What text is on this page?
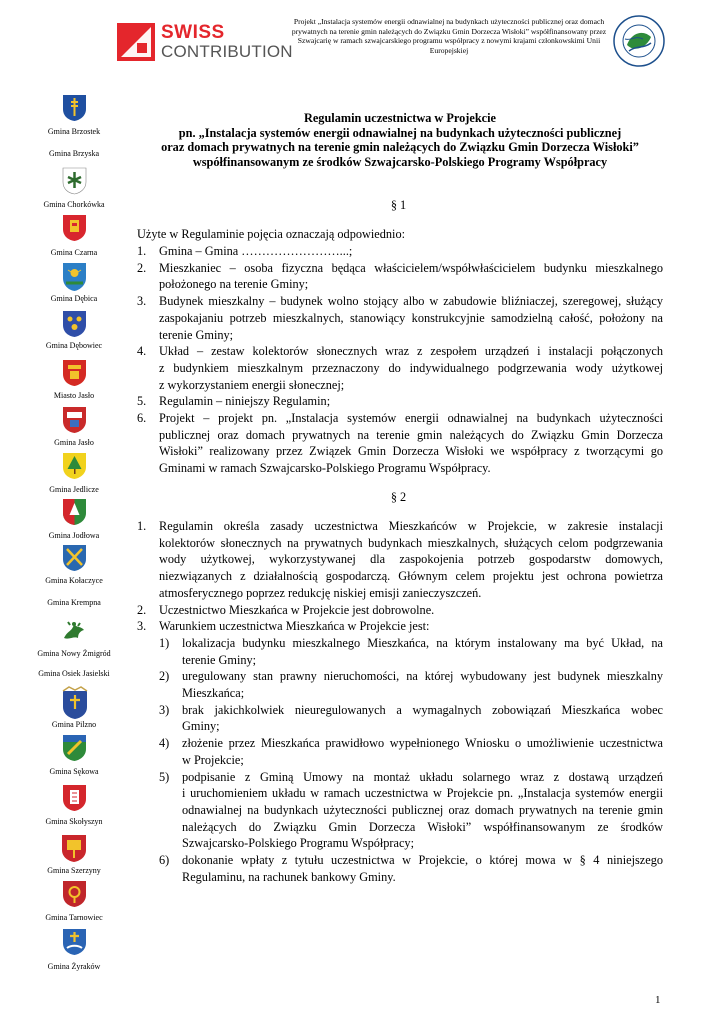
SWISS
CONTRIBUTION
Projekt „Instalacja systemów energii odnawialnej na budynkach użyteczności publicznej oraz domach prywatnych na terenie gmin należących do Związku Gmin Dorzecza Wisłoki” współfinansowany przez Szwajcarię w ramach szwajcarskiego programu współpracy z nowymi krajami członkowskimi Unii Europejskiej
Gmina Brzostek
Gmina Brzyska
Gmina Chorkówka
Gmina Czarna
Gmina Dębica
Gmina Dębowiec
Miasto Jasło
Gmina Jasło
Gmina Jedlicze
Gmina Jodłowa
Gmina Kołaczyce
Gmina Krempna
Gmina Nowy Żmigród
Gmina Osiek Jasielski
Gmina Pilzno
Gmina Sękowa
Gmina Skołyszyn
Gmina Szerzyny
Gmina Tarnowiec
Gmina Żyraków
Regulamin uczestnictwa w Projekcie
pn. „Instalacja systemów energii odnawialnej na budynkach użyteczności publicznej
oraz domach prywatnych na terenie gmin należących do Związku Gmin Dorzecza Wisłoki”
współfinansowanym ze środków Szwajcarsko-Polskiego Programy Współpracy
§ 1
Użyte w Regulaminie pojęcia oznaczają odpowiednio:
1. Gmina – Gmina ……………………...;
2. Mieszkaniec – osoba fizyczna będąca właścicielem/współwłaścicielem budynku mieszkalnego
położonego na terenie Gminy;
3. Budynek mieszkalny – budynek wolno stojący albo w zabudowie bliźniaczej, szeregowej, służący
zaspokajaniu potrzeb mieszkalnych, stanowiący konstrukcyjnie samodzielną całość, położony na
terenie Gminy;
4. Układ – zestaw kolektorów słonecznych wraz z zespołem urządzeń i instalacji połączonych
z budynkiem mieszkalnym przeznaczony do indywidualnego podgrzewania wody użytkowej
z wykorzystaniem energii słonecznej;
5. Regulamin – niniejszy Regulamin;
6. Projekt – projekt pn. „Instalacja systemów energii odnawialnej na budynkach użyteczności
publicznej oraz domach prywatnych na terenie gmin należących do Związku Gmin Dorzecza
Wisłoki” realizowany przez Związek Gmin Dorzecza Wisłoki we współpracy z tworzącymi go
Gminami w ramach Szwajcarsko-Polskiego Programu Współpracy.
§ 2
1. Regulamin określa zasady uczestnictwa Mieszkańców w Projekcie, w zakresie instalacji
kolektorów słonecznych na prywatnych budynkach mieszkalnych, służących celom podgrzewania
wody użytkowej, wykorzystywanej dla zaspokojenia potrzeb gospodarstw domowych,
niezwiązanych z działalnością gospodarczą. Głównym celem projektu jest ochrona powietrza
atmosferycznego poprzez redukcję niskiej emisji zanieczyszczeń.
2. Uczestnictwo Mieszkańca w Projekcie jest dobrowolne.
3. Warunkiem uczestnictwa Mieszkańca w Projekcie jest:
1) lokalizacja budynku mieszkalnego Mieszkańca, na którym instalowany ma być Układ, na
terenie Gminy;
2) uregulowany stan prawny nieruchomości, na której wybudowany jest budynek mieszkalny
Mieszkańca;
3) brak jakichkolwiek nieuregulowanych a wymagalnych zobowiązań Mieszkańca wobec
Gminy;
4) złożenie przez Mieszkańca prawidłowo wypełnionego Wniosku o umożliwienie uczestnictwa
w Projekcie;
5) podpisanie z Gminą Umowy na montaż układu solarnego wraz z dostawą urządzeń
i uruchomieniem układu w ramach uczestnictwa w Projekcie pn. „Instalacja systemów energii
odnawialnej na budynkach użyteczności publicznej oraz domach prywatnych na terenie gmin
należących do Związku Gmin Dorzecza Wisłoki” współfinansowanym ze środków
Szwajcarsko-Polskiego Programu Współpracy;
6) dokonanie wpłaty z tytułu uczestnictwa w Projekcie, o której mowa w § 4 niniejszego
Regulaminu, na rachunek bankowy Gminy.
1
